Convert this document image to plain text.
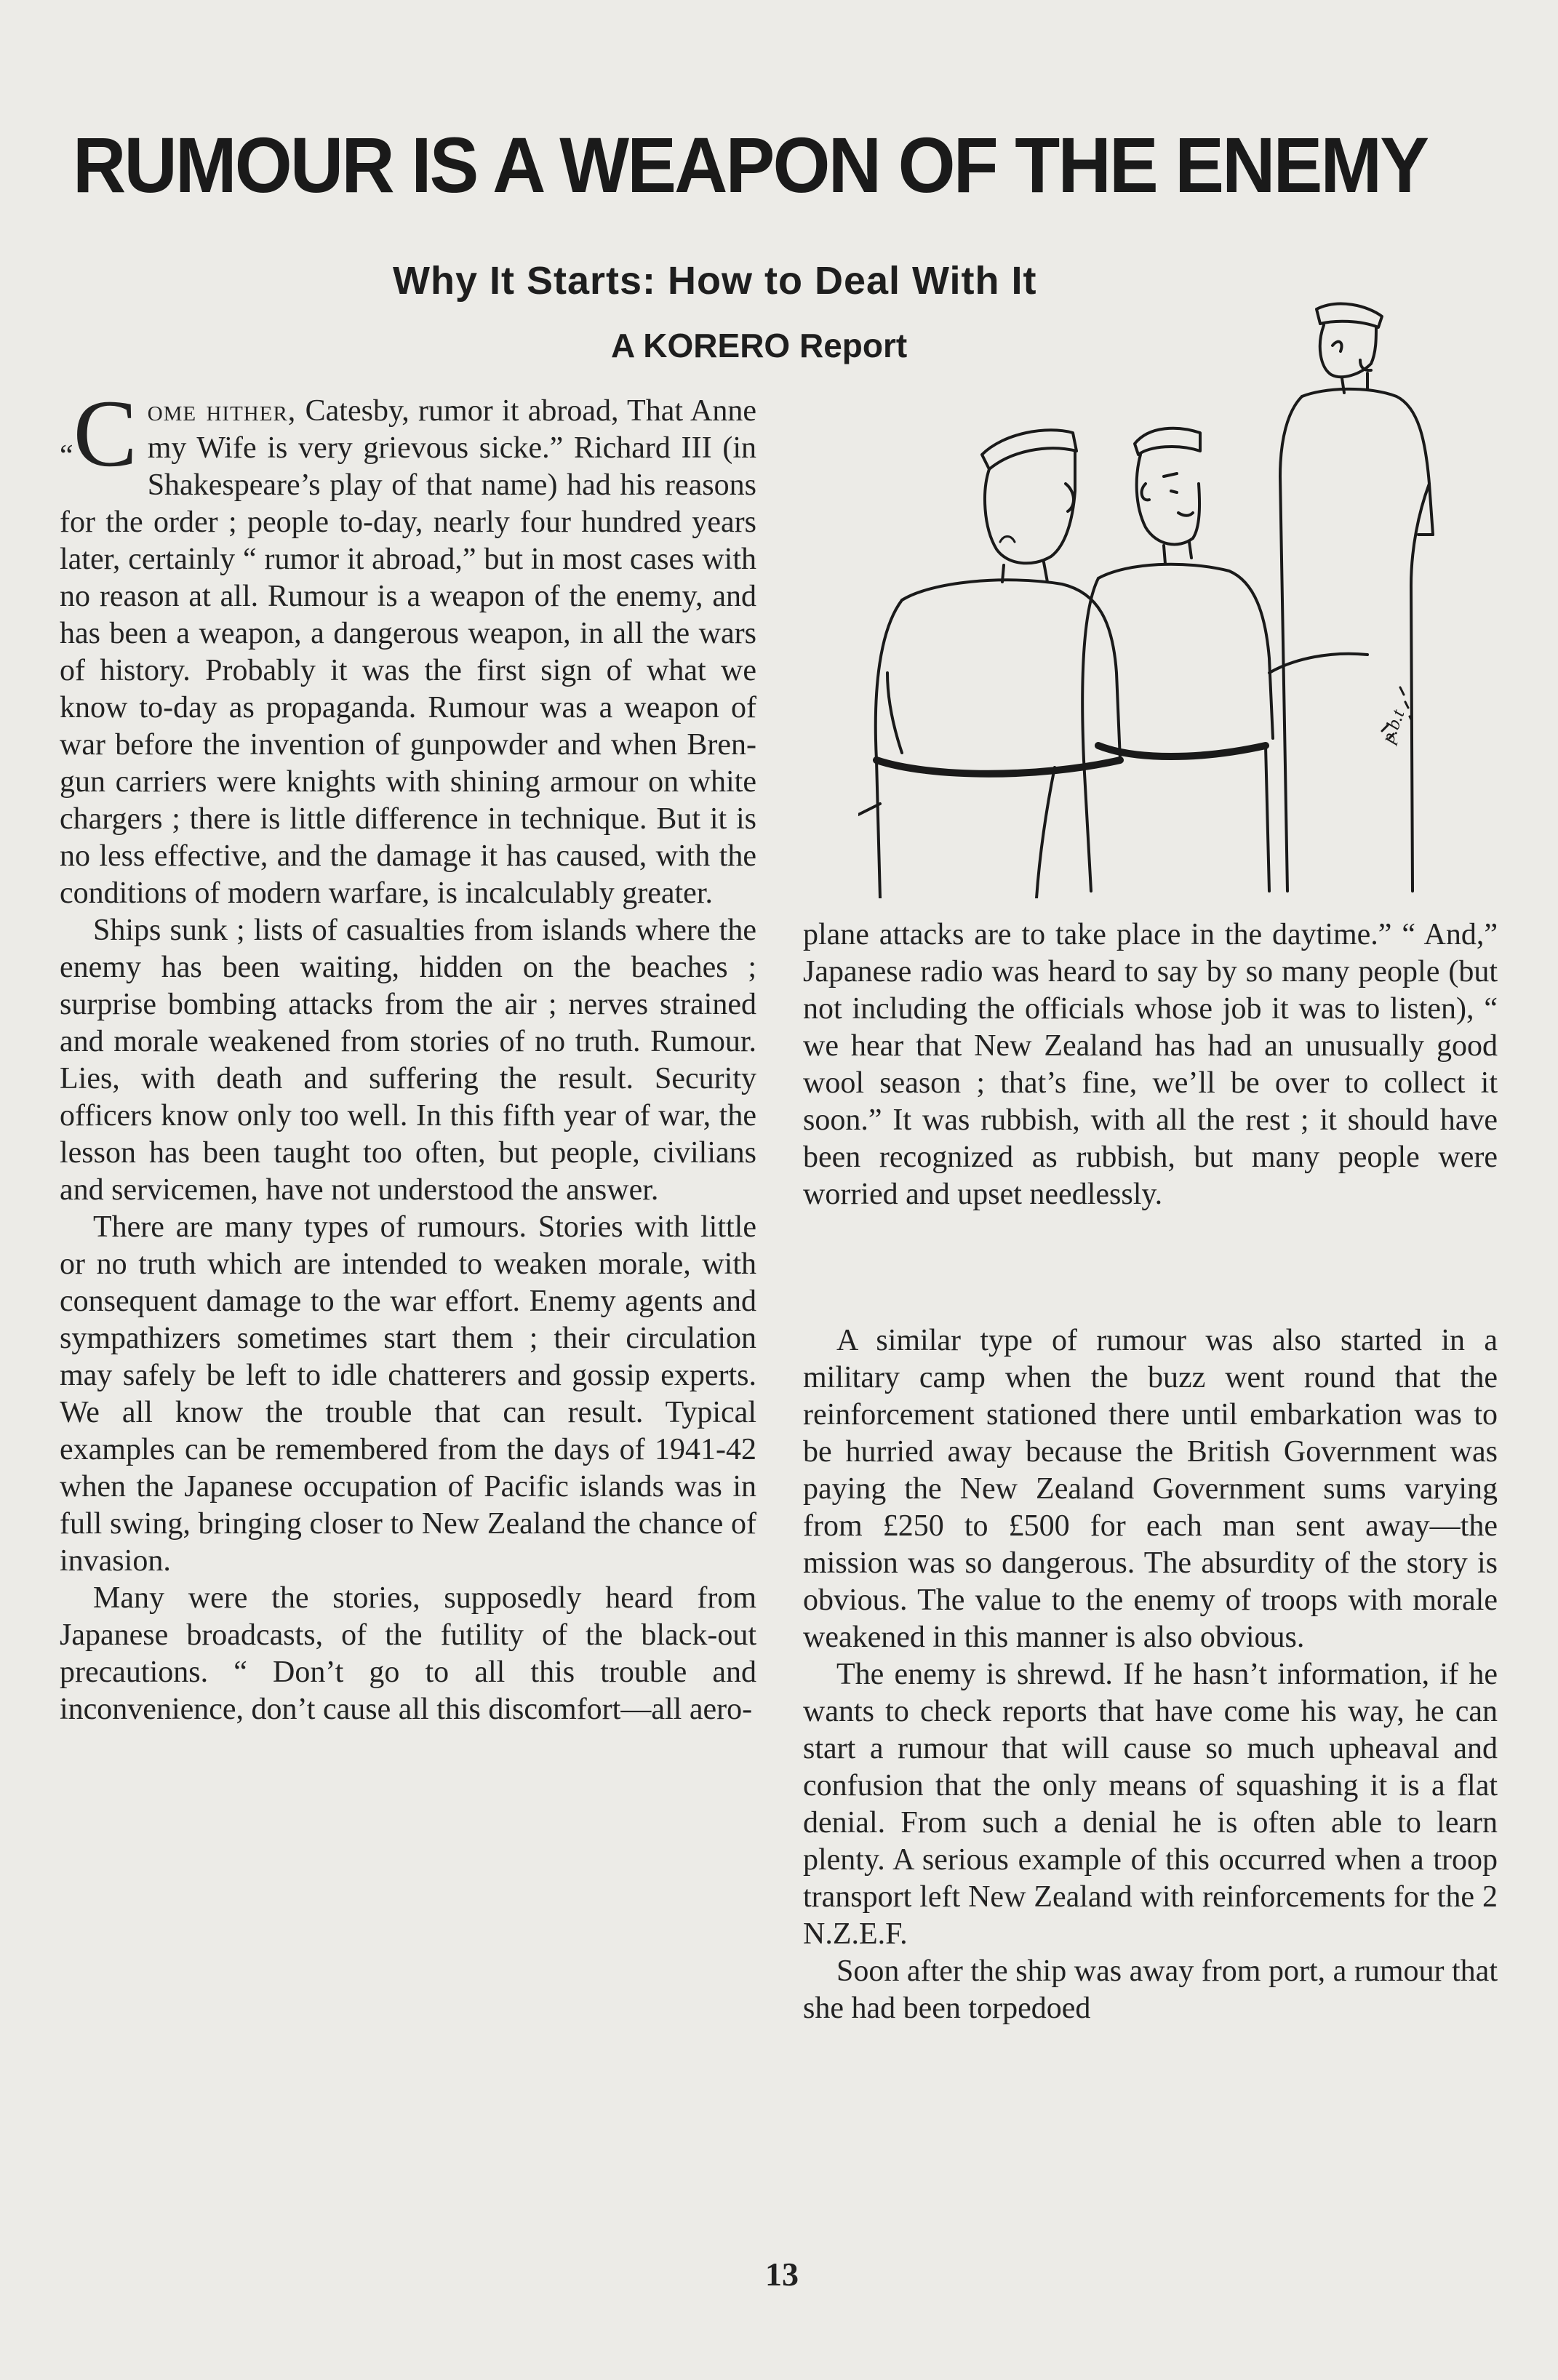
RUMOUR IS A WEAPON OF THE ENEMY
Why It Starts: How to Deal With It
A KORERO Report
p.b.t

“C ome hither, Catesby, rumor it abroad, That Anne my Wife is very grievous sicke.” Richard III (in Shakespeare’s play of that name) had his reasons for the order ; people to-day, nearly four hundred years later, certainly “ rumor it abroad,” but in most cases with no reason at all. Rumour is a weapon of the enemy, and has been a weapon, a dangerous weapon, in all the wars of history. Probably it was the first sign of what we know to-day as propaganda. Rumour was a weapon of war before the invention of gunpowder and when Bren-gun carriers were knights with shining armour on white chargers ; there is little difference in technique. But it is no less effective, and the damage it has caused, with the conditions of modern warfare, is incalculably greater.

Ships sunk ; lists of casualties from islands where the enemy has been waiting, hidden on the beaches ; surprise bombing attacks from the air ; nerves strained and morale weakened from stories of no truth. Rumour. Lies, with death and suffering the result. Security officers know only too well. In this fifth year of war, the lesson has been taught too often, but people, civilians and servicemen, have not understood the answer.

There are many types of rumours. Stories with little or no truth which are intended to weaken morale, with consequent damage to the war effort. Enemy agents and sympathizers sometimes start them ; their circulation may safely be left to idle chatterers and gossip experts. We all know the trouble that can result. Typical examples can be remembered from the days of 1941-42 when the Japanese occupation of Pacific islands was in full swing, bringing closer to New Zealand the chance of invasion.

Many were the stories, supposedly heard from Japanese broadcasts, of the futility of the black-out precautions. “ Don’t go to all this trouble and inconvenience, don’t cause all this discomfort—all aero-

plane attacks are to take place in the daytime.” “ And,” Japanese radio was heard to say by so many people (but not including the officials whose job it was to listen), “ we hear that New Zealand has had an unusually good wool season ; that’s fine, we’ll be over to collect it soon.” It was rubbish, with all the rest ; it should have been recognized as rubbish, but many people were worried and upset needlessly.

A similar type of rumour was also started in a military camp when the buzz went round that the reinforcement stationed there until embarkation was to be hurried away because the British Government was paying the New Zealand Government sums varying from £250 to £500 for each man sent away—the mission was so dangerous. The absurdity of the story is obvious. The value to the enemy of troops with morale weakened in this manner is also obvious.

The enemy is shrewd. If he hasn’t information, if he wants to check reports that have come his way, he can start a rumour that will cause so much upheaval and confusion that the only means of squashing it is a flat denial. From such a denial he is often able to learn plenty. A serious example of this occurred when a troop transport left New Zealand with reinforcements for the 2 N.Z.E.F.

Soon after the ship was away from port, a rumour that she had been torpedoed

13
